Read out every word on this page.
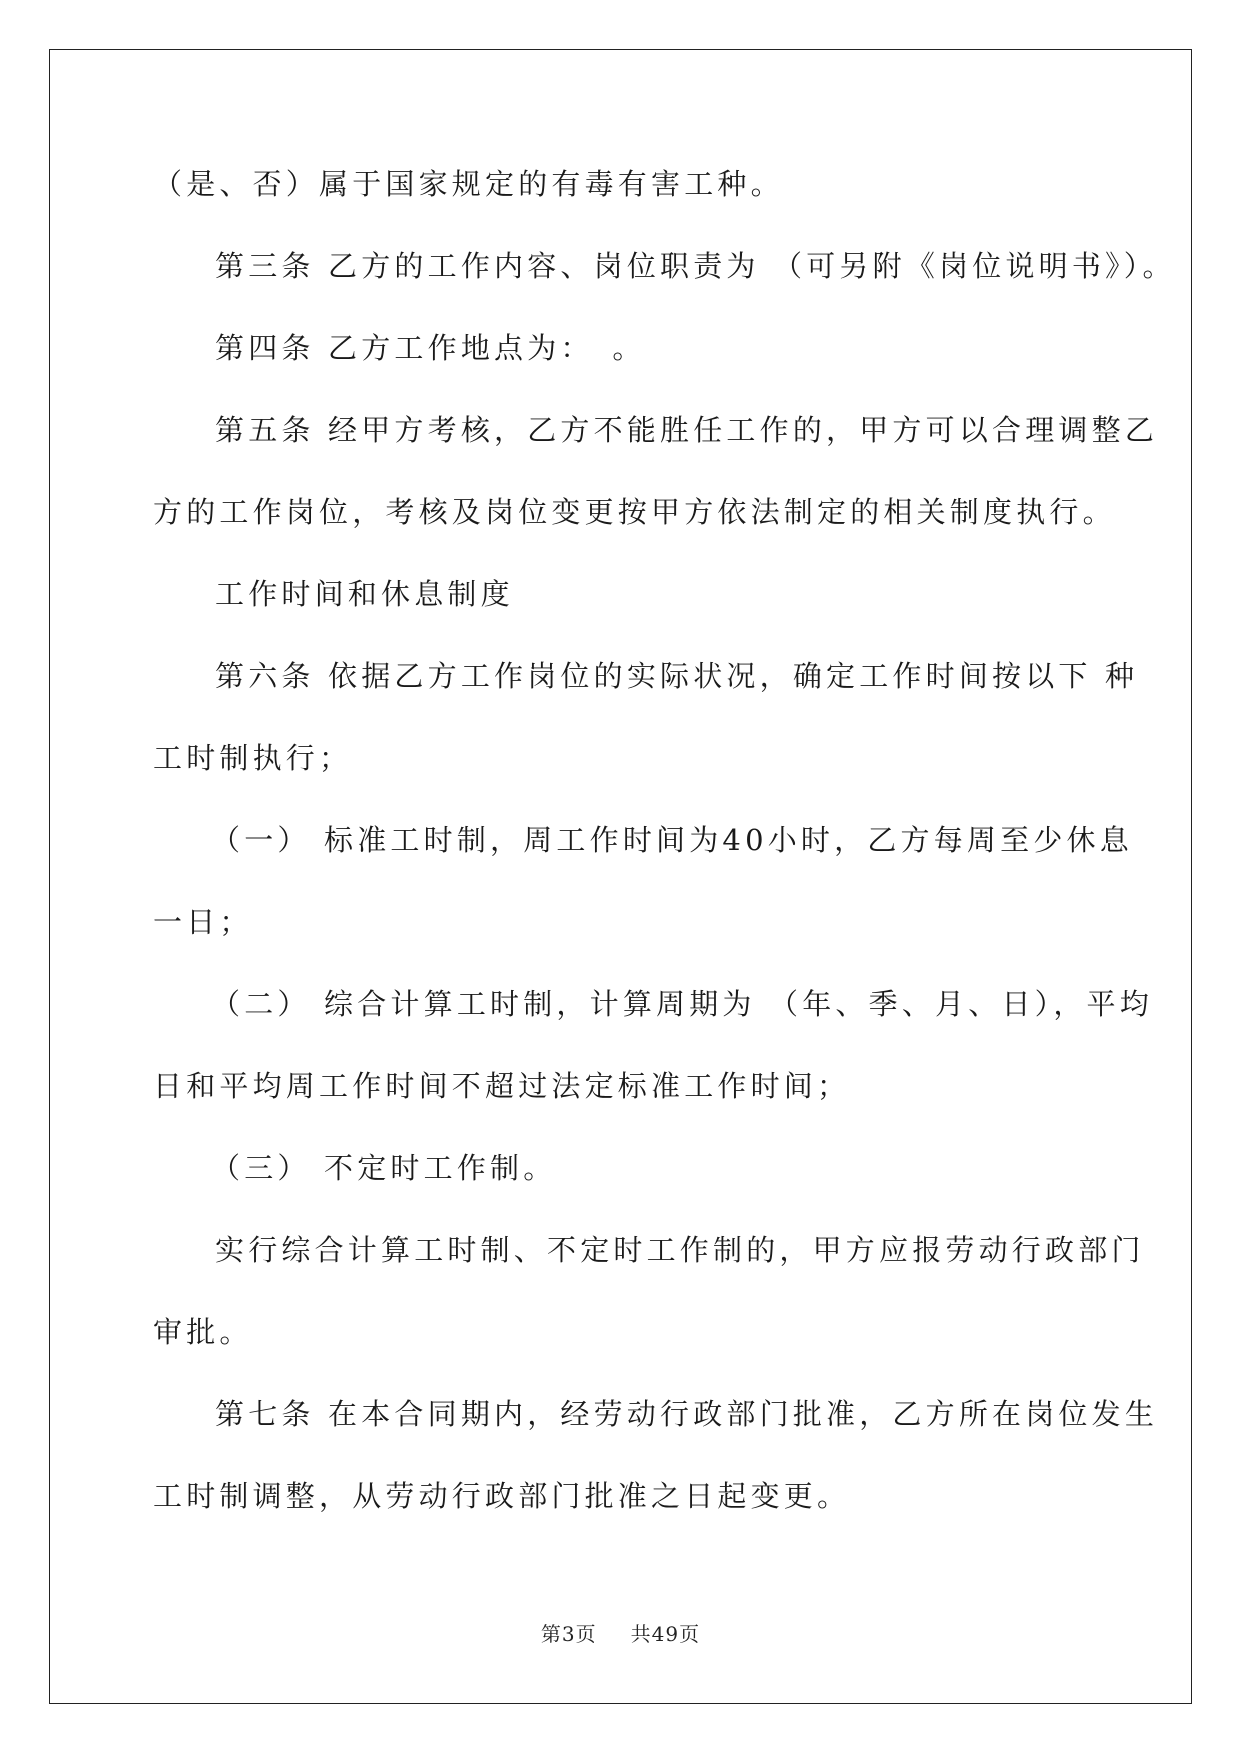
（是、否）属于国家规定的有毒有害工种。
第三条 乙方的工作内容、岗位职责为 （可另附《岗位说明书》）。
第四条 乙方工作地点为：　。
第五条 经甲方考核，乙方不能胜任工作的，甲方可以合理调整乙
方的工作岗位，考核及岗位变更按甲方依法制定的相关制度执行。
工作时间和休息制度
第六条 依据乙方工作岗位的实际状况，确定工作时间按以下 种
工时制执行；
（一） 标准工时制，周工作时间为40小时，乙方每周至少休息
一日；
（二） 综合计算工时制，计算周期为 （年、季、月、日），平均
日和平均周工作时间不超过法定标准工作时间；
（三） 不定时工作制。
实行综合计算工时制、不定时工作制的，甲方应报劳动行政部门
审批。
第七条 在本合同期内，经劳动行政部门批准，乙方所在岗位发生
工时制调整，从劳动行政部门批准之日起变更。
第3页 共49页
